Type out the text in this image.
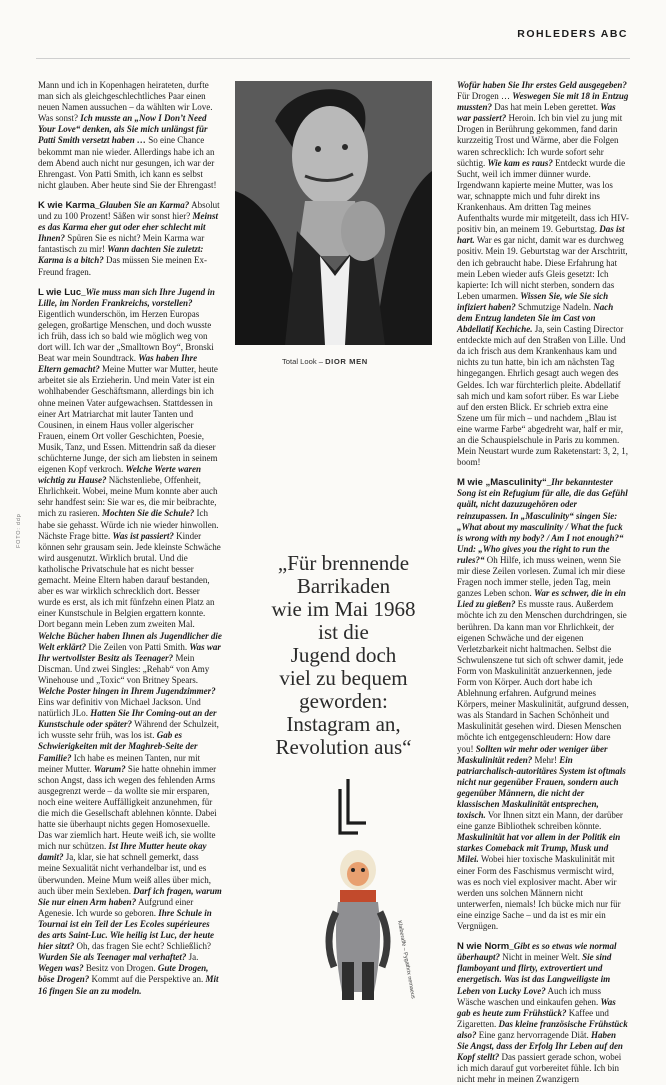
ROHLEDERS ABC
FOTO: ddp

Mann und ich in Kopenhagen heirateten, durfte man sich als gleichgeschlechtliches Paar einen neuen Namen aussuchen – da wählten wir Love. Was sonst? Ich musste an „Now I Don’t Need Your Love“ denken, als Sie mich unlängst für Patti Smith versetzt haben … So eine Chance bekommt man nie wieder. Allerdings habe ich an dem Abend auch nicht nur gesungen, ich war der Ehrengast. Von Patti Smith, ich kann es selbst nicht glauben. Aber heute sind Sie der Ehrengast!

K wie Karma_Glauben Sie an Karma? Absolut und zu 100 Prozent! Säßen wir sonst hier? Meinst es das Karma eher gut oder eher schlecht mit Ihnen? Spüren Sie es nicht? Mein Karma war fantastisch zu mir! Wann dachten Sie zuletzt: Karma is a bitch? Das müssen Sie meinen Ex-Freund fragen.

L wie Luc_Wie muss man sich Ihre Jugend in Lille, im Norden Frankreichs, vorstellen? Eigentlich wunderschön, im Herzen Europas gelegen, großartige Menschen, und doch wusste ich früh, dass ich so bald wie möglich weg von dort will. Ich war der „Smalltown Boy“, Bronski Beat war mein Soundtrack. Was haben Ihre Eltern gemacht? Meine Mutter war Mutter, heute arbeitet sie als Erzieherin. Und mein Vater ist ein wohlhabender Geschäftsmann, allerdings bin ich ohne meinen Vater aufgewachsen. Stattdessen in einer Art Matriarchat mit lauter Tanten und Cousinen, in einem Haus voller algerischer Frauen, einem Ort voller Geschichten, Poesie, Musik, Tanz, und Essen. Mittendrin saß da dieser schüchterne Junge, der sich am liebsten in seinem eigenen Kopf verkroch. Welche Werte waren wichtig zu Hause? Nächstenliebe, Offenheit, Ehrlichkeit. Wobei, meine Mum konnte aber auch sehr handfest sein: Sie war es, die mir beibrachte, mich zu rasieren. Mochten Sie die Schule? Ich habe sie gehasst. Würde ich nie wieder hinwollen. Nächste Frage bitte. Was ist passiert? Kinder können sehr grausam sein. Jede kleinste Schwäche wird ausgenutzt. Wirklich brutal. Und die katholische Privatschule hat es nicht besser gemacht. Meine Eltern haben darauf bestanden, aber es war wirklich schrecklich dort. Besser wurde es erst, als ich mit fünfzehn einen Platz an einer Kunstschule in Belgien ergattern konnte. Dort begann mein Leben zum zweiten Mal. Welche Bücher haben Ihnen als Jugendlicher die Welt erklärt? Die Zeilen von Patti Smith. Was war Ihr wertvollster Besitz als Teenager? Mein Discman. Und zwei Singles: „Rehab“ von Amy Winehouse und „Toxic“ von Britney Spears. Welche Poster hingen in Ihrem Jugendzimmer? Eins war definitiv von Michael Jackson. Und natürlich JLo. Hatten Sie Ihr Coming-out an der Kunstschule oder später? Während der Schulzeit, ich wusste sehr früh, was los ist. Gab es Schwierigkeiten mit der Maghreb-Seite der Familie? Ich habe es meinen Tanten, nur mit meiner Mutter. Warum? Sie hatte ohnehin immer schon Angst, dass ich wegen des fehlenden Arms ausgegrenzt werde – da wollte sie mir ersparen, noch eine weitere Auffälligkeit anzunehmen, für die mich die Gesellschaft ablehnen könnte. Dabei hatte sie überhaupt nichts gegen Homosexuelle. Das war ziemlich hart. Heute weiß ich, sie wollte mich nur schützen. Ist Ihre Mutter heute okay damit? Ja, klar, sie hat schnell gemerkt, dass meine Sexualität nicht verhandelbar ist, und es überwunden. Meine Mum weiß alles über mich, auch über mein Sexleben. Darf ich fragen, warum Sie nur einen Arm haben? Aufgrund einer Agenesie. Ich wurde so geboren. Ihre Schule in Tournai ist ein Teil der Les Ecoles supérieures des arts Saint-Luc. Wie heilig ist Luc, der heute hier sitzt? Oh, das fragen Sie echt? Schließlich? Wurden Sie als Teenager mal verhaftet? Ja. Wegen was? Besitz von Drogen. Gute Drogen, böse Drogen? Kommt auf die Perspektive an. Mit 16 fingen Sie an zu modeln.

Total Look – DIOR MEN
„Für brennende
Barrikaden
wie im Mai 1968
ist die
Jugend doch
viel zu bequem
geworden:
Instagram an,
Revolution aus“
Klaiberaffe – Pygathrix nemaeus

Wofür haben Sie Ihr erstes Geld ausgegeben? Für Drogen … Weswegen Sie mit 18 in Entzug mussten? Das hat mein Leben gerettet. Was war passiert? Heroin. Ich bin viel zu jung mit Drogen in Berührung gekommen, fand darin kurzzeitig Trost und Wärme, aber die Folgen waren schrecklich: Ich wurde sofort sehr süchtig. Wie kam es raus? Entdeckt wurde die Sucht, weil ich immer dünner wurde. Irgendwann kapierte meine Mutter, was los war, schnappte mich und fuhr direkt ins Krankenhaus. Am dritten Tag meines Aufenthalts wurde mir mitgeteilt, dass ich HIV-positiv bin, an meinem 19. Geburtstag. Das ist hart. War es gar nicht, damit war es durchweg positiv. Mein 19. Geburtstag war der Arschtritt, den ich gebraucht habe. Diese Erfahrung hat mein Leben wieder aufs Gleis gesetzt: Ich kapierte: Ich will nicht sterben, sondern das Leben umarmen. Wissen Sie, wie Sie sich infiziert haben? Schmutzige Nadeln. Nach dem Entzug landeten Sie im Cast von Abdellatif Kechiche. Ja, sein Casting Director entdeckte mich auf den Straßen von Lille. Und da ich frisch aus dem Krankenhaus kam und nichts zu tun hatte, bin ich am nächsten Tag hingegangen. Ehrlich gesagt auch wegen des Geldes. Ich war fürchterlich pleite. Abdellatif sah mich und kam sofort rüber. Es war Liebe auf den ersten Blick. Er schrieb extra eine Szene um für mich – und nachdem „Blau ist eine warme Farbe“ abgedreht war, half er mir, an die Schauspielschule in Paris zu kommen. Mein Neustart wurde zum Raketenstart: 3, 2, 1, boom!

M wie „Masculinity“_Ihr bekanntester Song ist ein Refugium für alle, die das Gefühl quält, nicht dazuzugehören oder reinzupassen. In „Masculinity“ singen Sie: „What about my masculinity / What the fuck is wrong with my body? / Am I not enough?“ Und: „Who gives you the right to run the rules?“ Oh Hilfe, ich muss weinen, wenn Sie mir diese Zeilen vorlesen. Zumal ich mir diese Fragen noch immer stelle, jeden Tag, mein ganzes Leben schon. War es schwer, die in ein Lied zu gießen? Es musste raus. Außerdem möchte ich zu den Menschen durchdringen, sie berühren. Da kann man vor Ehrlichkeit, der eigenen Schwäche und der eigenen Verletzbarkeit nicht haltmachen. Selbst die Schwulenszene tut sich oft schwer damit, jede Form von Maskulinität anzuerkennen, jede Form von Körper. Auch dort habe ich Ablehnung erfahren. Aufgrund meines Körpers, meiner Maskulinität, aufgrund dessen, was als Standard in Sachen Schönheit und Maskulinität gesehen wird. Diesen Menschen möchte ich entgegenschleudern: How dare you! Sollten wir mehr oder weniger über Maskulinität reden? Mehr! Ein patriarchalisch-autoritäres System ist oftmals nicht nur gegenüber Frauen, sondern auch gegenüber Männern, die nicht der klassischen Maskulinität entsprechen, toxisch. Vor Ihnen sitzt ein Mann, der darüber eine ganze Bibliothek schreiben könnte. Maskulinität hat vor allem in der Politik ein starkes Comeback mit Trump, Musk und Milei. Wobei hier toxische Maskulinität mit einer Form des Faschismus vermischt wird, was es noch viel explosiver macht. Aber wir werden uns solchen Männern nicht unterwerfen, niemals! Ich bücke mich nur für eine einzige Sache – und da ist es mir ein Vergnügen.

N wie Norm_Gibt es so etwas wie normal überhaupt? Nicht in meiner Welt. Sie sind flamboyant und flirty, extrovertiert und energetisch. Was ist das Langweiligste im Leben von Lucky Love? Auch ich muss Wäsche waschen und einkaufen gehen. Was gab es heute zum Frühstück? Kaffee und Zigaretten. Das kleine französische Frühstück also? Eine ganz hervorragende Diät. Haben Sie Angst, dass der Erfolg Ihr Leben auf den Kopf stellt? Das passiert gerade schon, wobei ich mich darauf gut vorbereitet fühle. Ich bin nicht mehr in meinen Zwanzigern
